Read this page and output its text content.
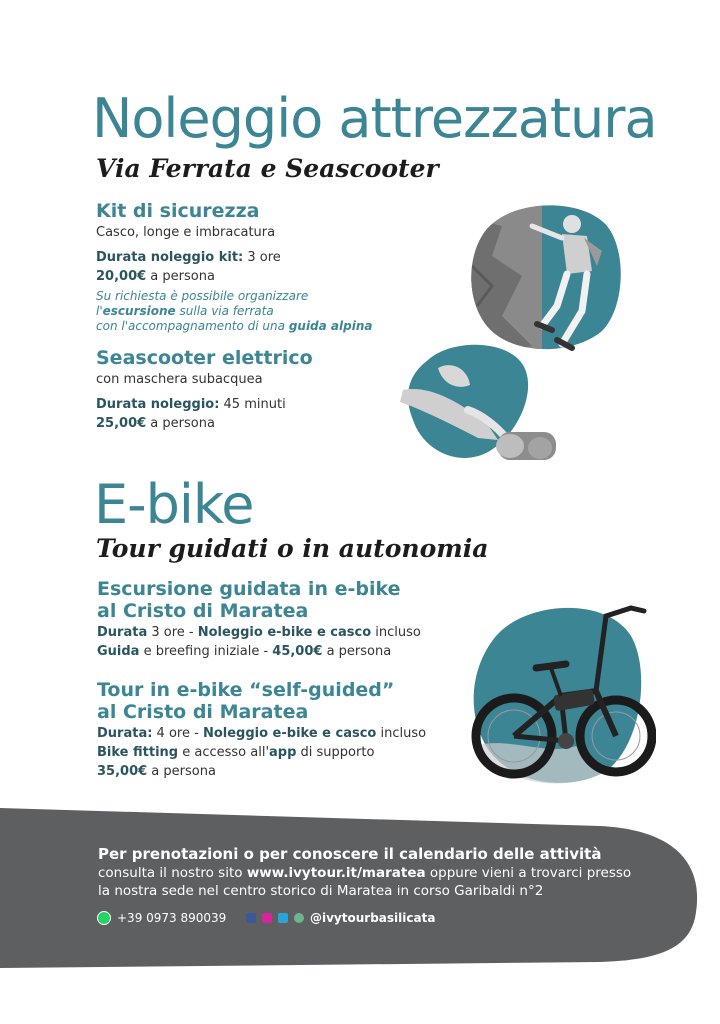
Noleggio attrezzatura
Via Ferrata e Seascooter
Kit di sicurezza
Casco, longe e imbracatura
Durata noleggio kit: 3 ore
20,00€ a persona
Su richiesta è possibile organizzare
l'escursione sulla via ferrata
con l'accompagnamento di una guida alpina
Seascooter elettrico
con maschera subacquea
Durata noleggio: 45 minuti
25,00€ a persona
E-bike
Tour guidati o in autonomia
Escursione guidata in e-bike
al Cristo di Maratea
Durata 3 ore - Noleggio e-bike e casco incluso
Guida e breefing iniziale - 45,00€ a persona
Tour in e-bike “self-guided”
al Cristo di Maratea
Durata: 4 ore - Noleggio e-bike e casco incluso
Bike fitting e accesso all'app di supporto
35,00€ a persona
Per prenotazioni o per conoscere il calendario delle attività
consulta il nostro sito www.ivytour.it/maratea oppure vieni a trovarci presso
la nostra sede nel centro storico di Maratea in corso Garibaldi n°2
+39 0973 890039	@ivytourbasilicata
